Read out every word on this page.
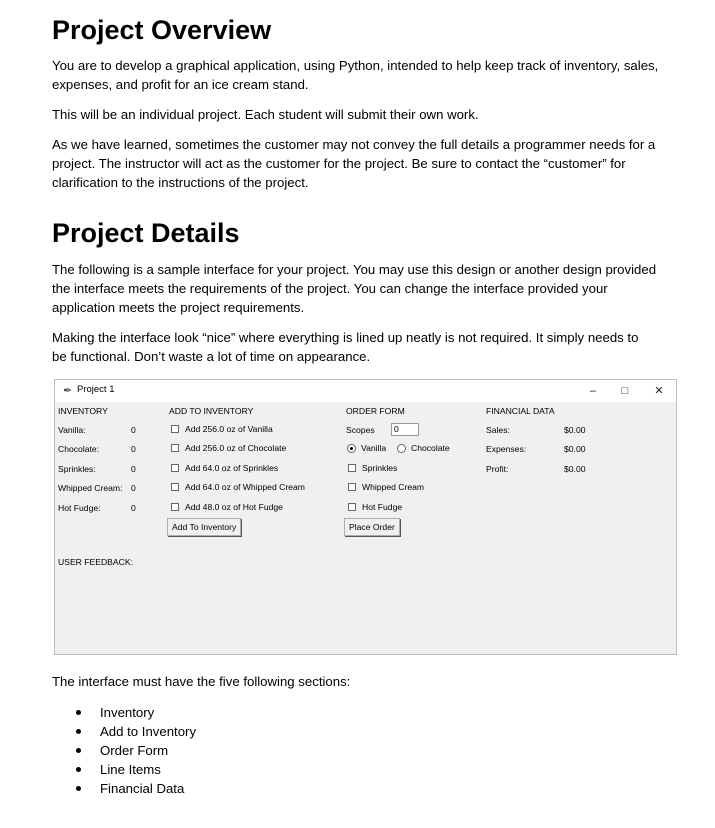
Project Overview

You are to develop a graphical application, using Python, intended to help keep track of inventory, sales,
expenses, and profit for an ice cream stand.

This will be an individual project. Each student will submit their own work.

As we have learned, sometimes the customer may not convey the full details a programmer needs for a
project. The instructor will act as the customer for the project. Be sure to contact the “customer” for
clarification to the instructions of the project.

Project Details

The following is a sample interface for your project. You may use this design or another design provided
the interface meets the requirements of the project. You can change the interface provided your
application meets the project requirements.

Making the interface look “nice” where everything is lined up neatly is not required. It simply needs to
be functional. Don’t waste a lot of time on appearance.

✒ Project 1	–	□	✕
INVENTORY
Vanilla:	0
Chocolate:	0
Sprinkles:	0
Whipped Cream: 0
Hot Fudge:	0
ADD TO INVENTORY
Add 256.0 oz of Vanilla
Add 256.0 oz of Chocolate
Add 64.0 oz of Sprinkles
Add 64.0 oz of Whipped Cream
Add 48.0 oz of Hot Fudge
Add To Inventory
ORDER FORM
Scopes	0
Vanilla	Chocolate
Sprinkles
Whipped Cream
Hot Fudge
Place Order
FINANCIAL DATA
Sales:	$0.00
Expenses:	$0.00
Profit:	$0.00
USER FEEDBACK:

The interface must have the five following sections:

Inventory
Add to Inventory
Order Form
Line Items
Financial Data
